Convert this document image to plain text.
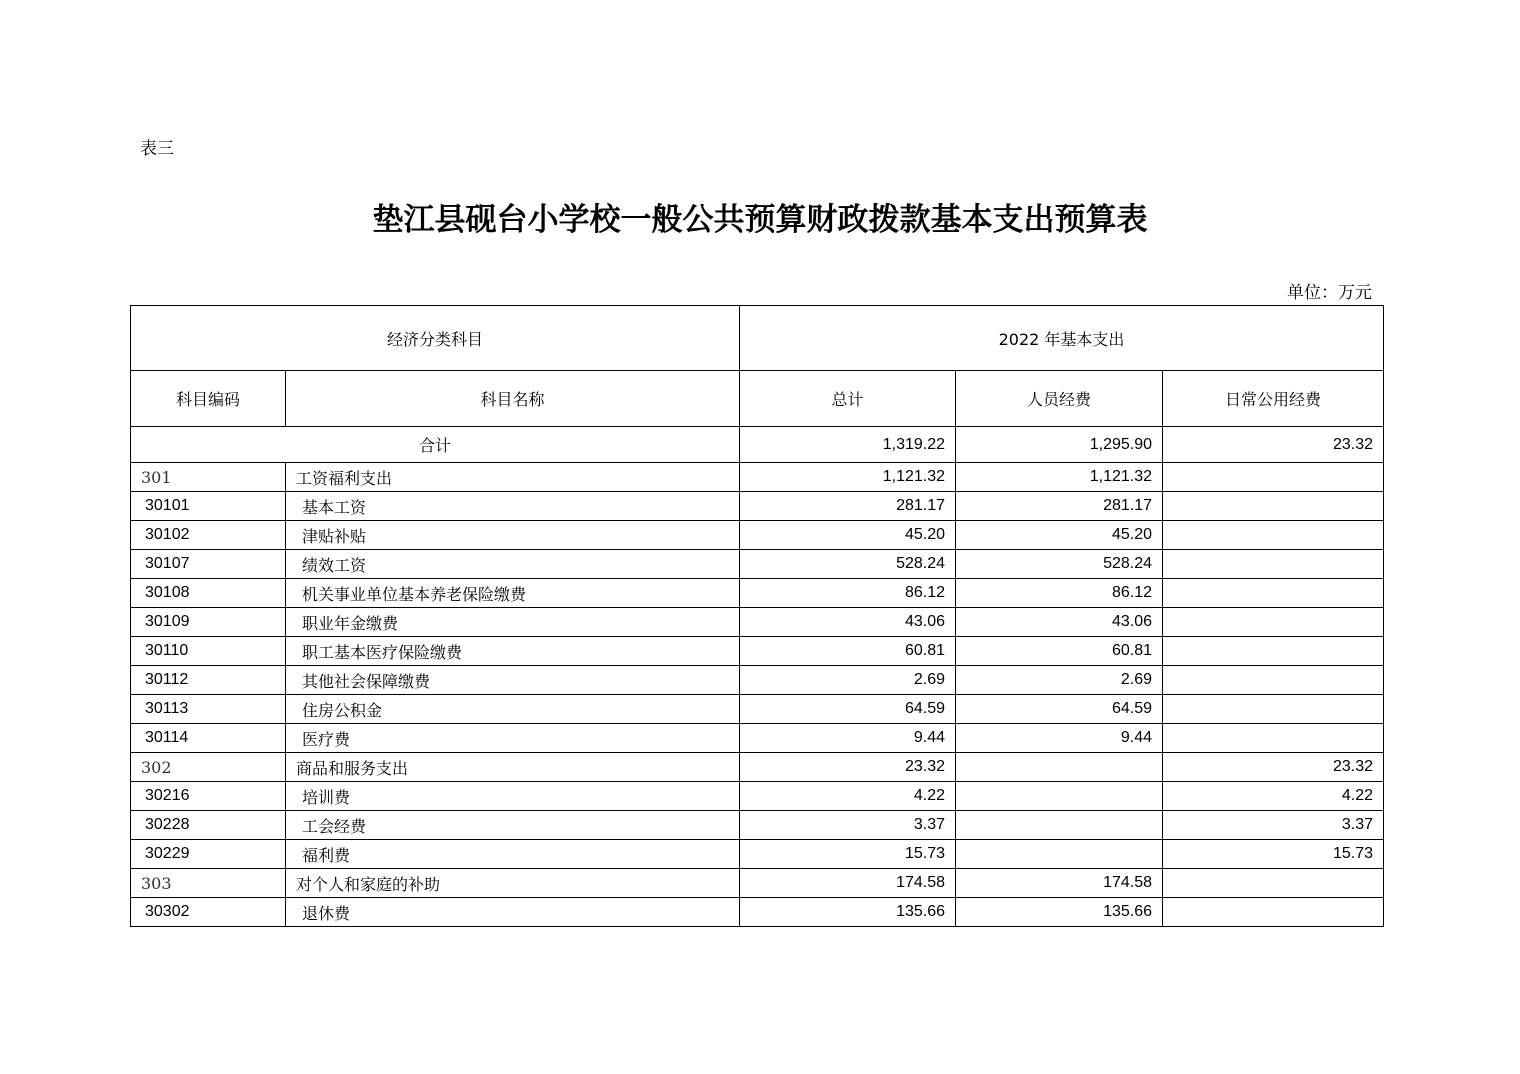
表三
垫江县砚台小学校一般公共预算财政拨款基本支出预算表
单位：万元
经济分类科目		2022 年基本支出		
科目编码	科目名称	总计	人员经费	日常公用经费
合计		1,319.22	1,295.90	23.32
301	工资福利支出	1,121.32	1,121.32	
30101	基本工资	281.17	281.17	
30102	津贴补贴	45.20	45.20	
30107	绩效工资	528.24	528.24	
30108	机关事业单位基本养老保险缴费	86.12	86.12	
30109	职业年金缴费	43.06	43.06	
30110	职工基本医疗保险缴费	60.81	60.81	
30112	其他社会保障缴费	2.69	2.69	
30113	住房公积金	64.59	64.59	
30114	医疗费	9.44	9.44	
302	商品和服务支出	23.32		23.32
30216	培训费	4.22		4.22
30228	工会经费	3.37		3.37
30229	福利费	15.73		15.73
303	对个人和家庭的补助	174.58	174.58	
30302	退休费	135.66	135.66	
